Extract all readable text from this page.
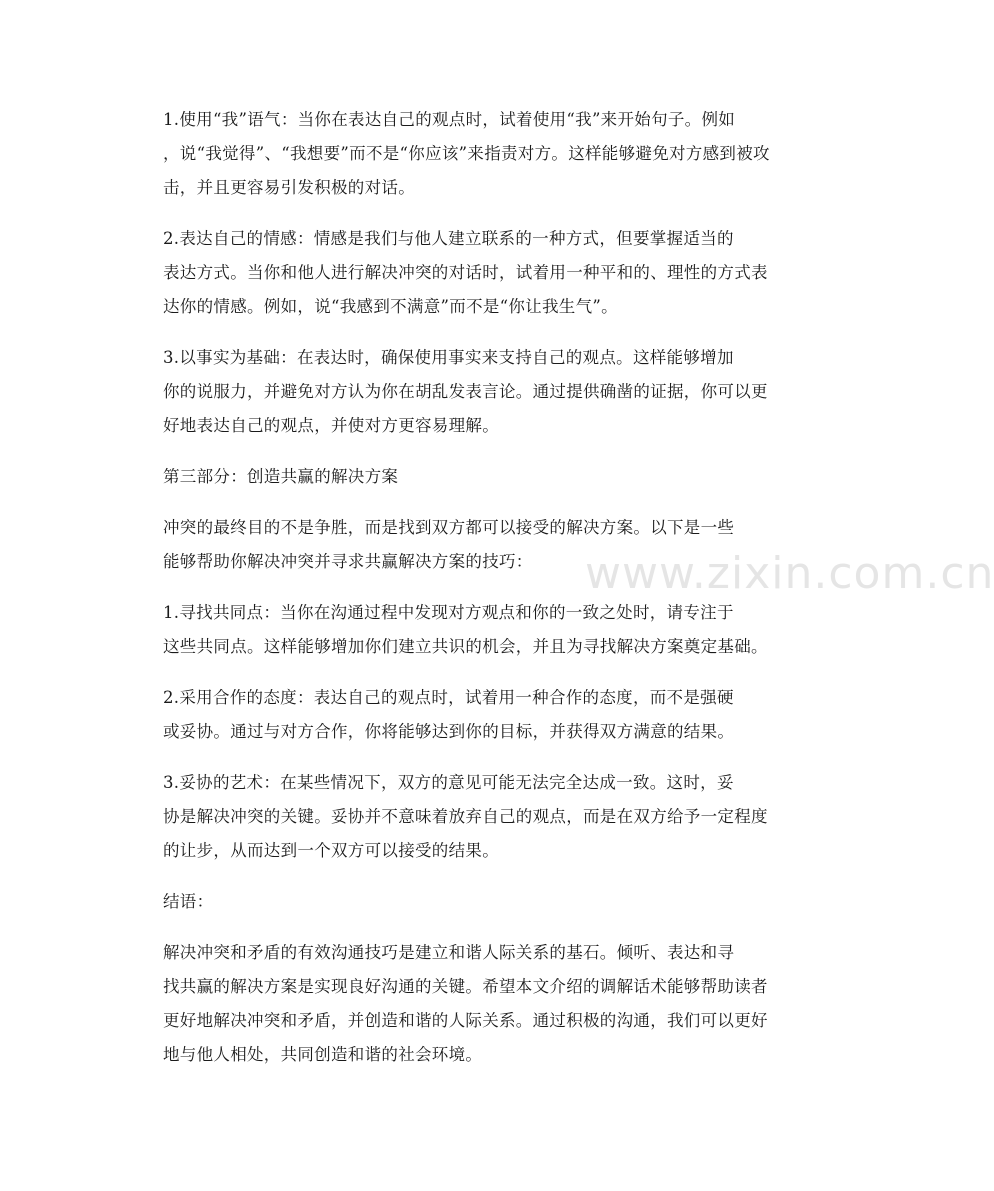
1.使用“我”语气：当你在表达自己的观点时，试着使用“我”来开始句子。例如
，说“我觉得”、“我想要”而不是“你应该”来指责对方。这样能够避免对方感到被攻
击，并且更容易引发积极的对话。

2.表达自己的情感：情感是我们与他人建立联系的一种方式，但要掌握适当的
表达方式。当你和他人进行解决冲突的对话时，试着用一种平和的、理性的方式表
达你的情感。例如，说“我感到不满意”而不是“你让我生气”。

3.以事实为基础：在表达时，确保使用事实来支持自己的观点。这样能够增加
你的说服力，并避免对方认为你在胡乱发表言论。通过提供确凿的证据，你可以更
好地表达自己的观点，并使对方更容易理解。

第三部分：创造共赢的解决方案

冲突的最终目的不是争胜，而是找到双方都可以接受的解决方案。以下是一些
能够帮助你解决冲突并寻求共赢解决方案的技巧：

1.寻找共同点：当你在沟通过程中发现对方观点和你的一致之处时，请专注于
这些共同点。这样能够增加你们建立共识的机会，并且为寻找解决方案奠定基础。

2.采用合作的态度：表达自己的观点时，试着用一种合作的态度，而不是强硬
或妥协。通过与对方合作，你将能够达到你的目标，并获得双方满意的结果。

3.妥协的艺术：在某些情况下，双方的意见可能无法完全达成一致。这时，妥
协是解决冲突的关键。妥协并不意味着放弃自己的观点，而是在双方给予一定程度
的让步，从而达到一个双方可以接受的结果。

结语：

解决冲突和矛盾的有效沟通技巧是建立和谐人际关系的基石。倾听、表达和寻
找共赢的解决方案是实现良好沟通的关键。希望本文介绍的调解话术能够帮助读者
更好地解决冲突和矛盾，并创造和谐的人际关系。通过积极的沟通，我们可以更好
地与他人相处，共同创造和谐的社会环境。

www.zixin.com.cn
